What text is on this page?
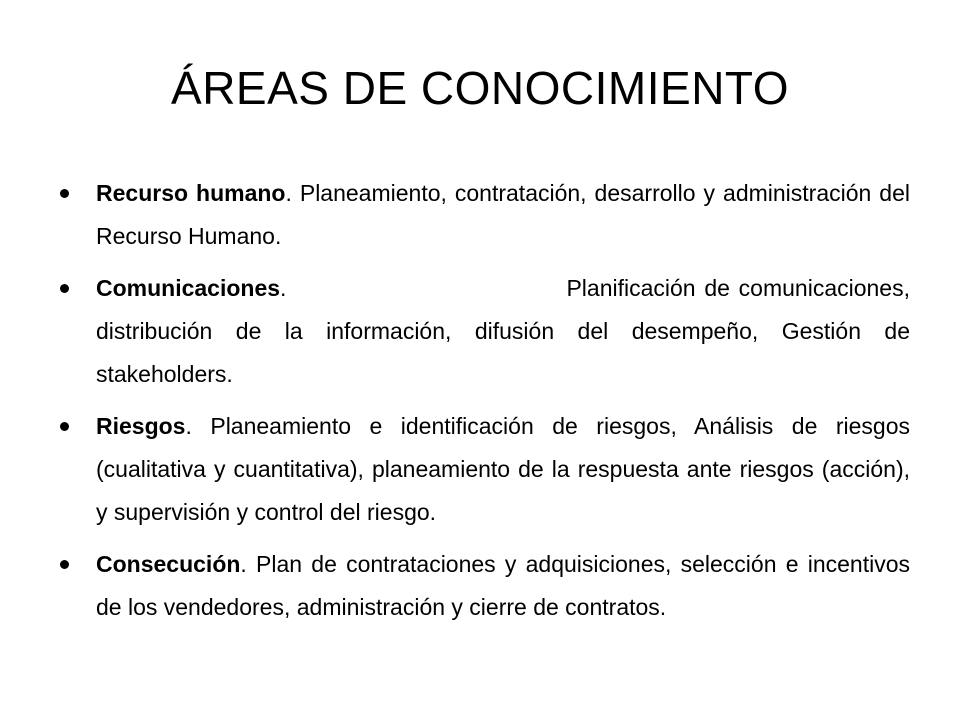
ÁREAS DE CONOCIMIENTO
Recurso humano. Planeamiento, contratación, desarrollo y administración del Recurso Humano.
Comunicaciones.                                Planificación de comunicaciones, distribución de la información, difusión del desempeño, Gestión de stakeholders.
Riesgos. Planeamiento e identificación de riesgos, Análisis de riesgos (cualitativa y cuantitativa), planeamiento de la respuesta ante riesgos (acción), y supervisión y control del riesgo.
Consecución. Plan de contrataciones y adquisiciones, selección e incentivos de los vendedores, administración y cierre de contratos.
